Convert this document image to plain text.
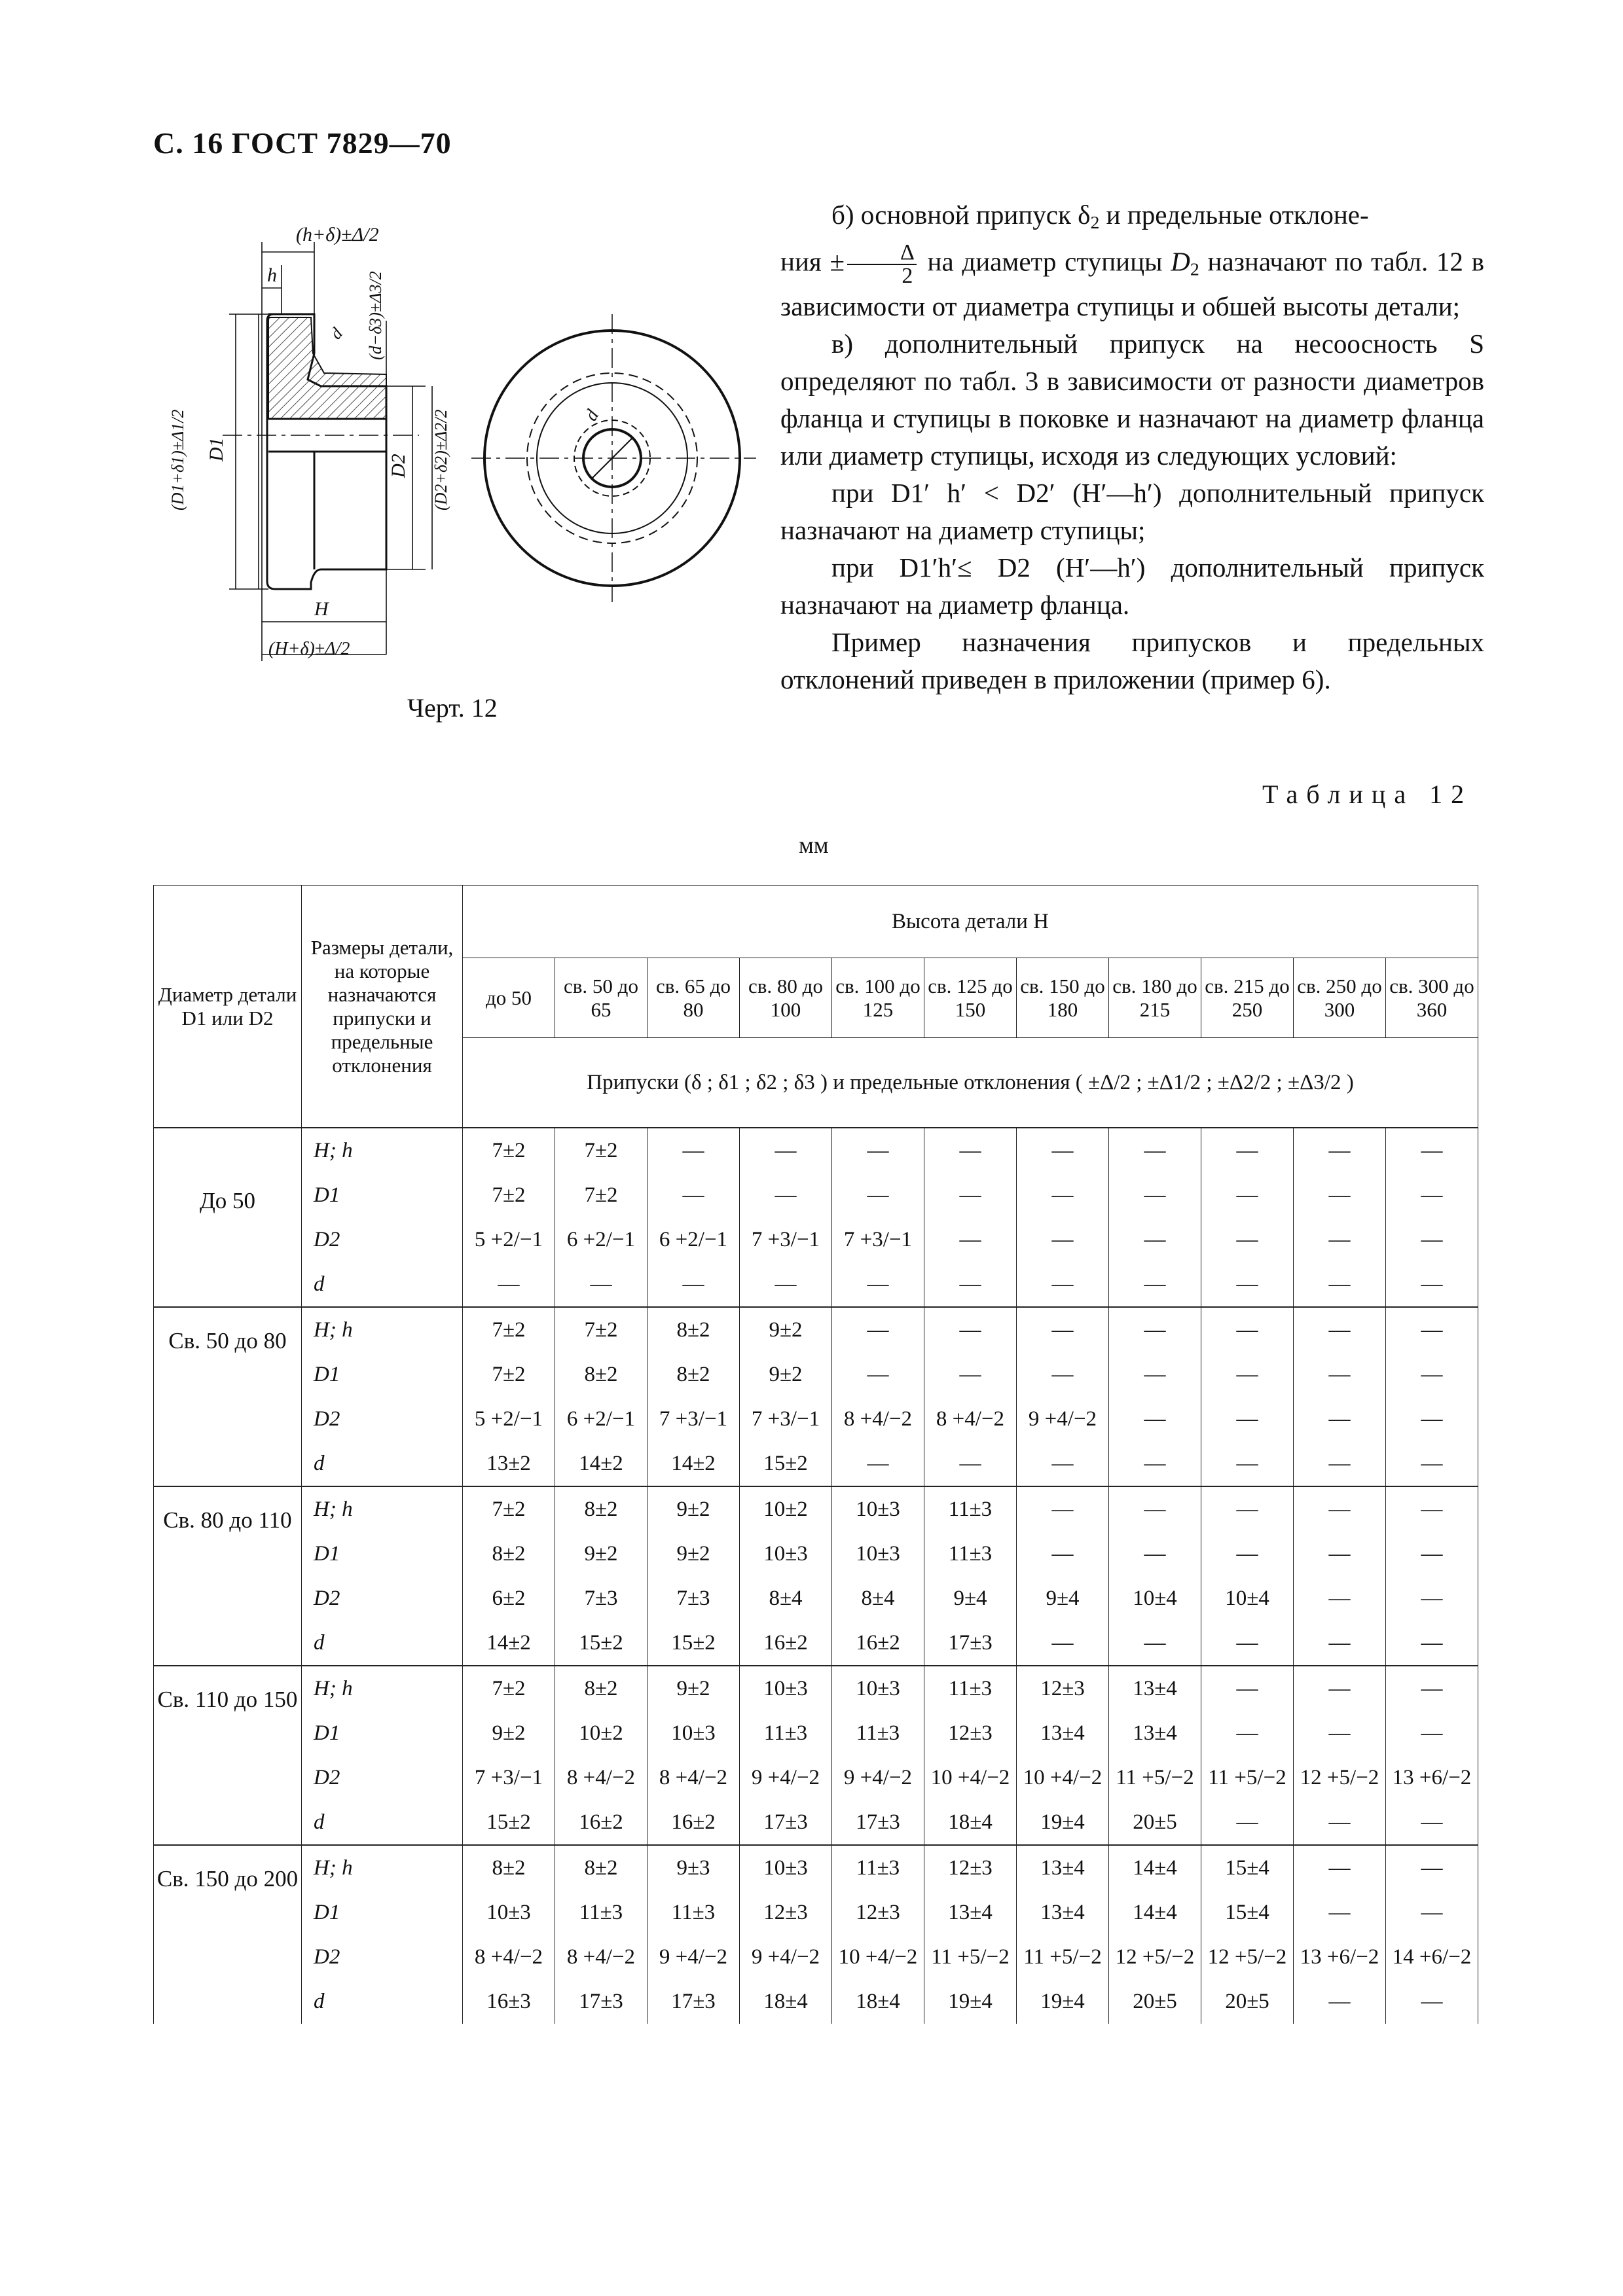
С. 16 ГОСТ 7829—70
(h+δ)±Δ/2
h	(d−δ3)±Δ3/2
d
(D1+δ1)±Δ1/2 D1
D2 (D2+δ2)±Δ2/2
H
(H+δ)±Δ/2
d
Черт. 12

б) основной припуск $\delta_2$ и предельные отклоне-
ния ± $\frac{\Delta}{2}$ на диаметр ступицы $D_2$ назначают по табл. 12 в зависимости от диаметра ступицы и обшей высоты детали;

в) дополнительный припуск на несоосность S определяют по табл. 3 в зависимости от разности диаметров фланца и ступицы в поковке и назначают на диаметр фланца или диаметр ступицы, исходя из следующих условий:

при D1′ h′ < D2′ (H′—h′) дополнительный припуск назначают на диаметр ступицы;

при D1′h′≤ D2 (H′—h′) дополнительный припуск назначают на диаметр фланца.

Пример назначения припусков и предельных отклонений приведен в приложении (пример 6).

Таблица 12
мм
Диаметр детали D1 или D2	Размеры детали, на которые назначаются припуски и предельные отклонения	Высота детали H										
		до 50	св. 50 до 65	св. 65 до 80	св. 80 до 100	св. 100 до 125	св. 125 до 150	св. 150 до 180	св. 180 до 215	св. 215 до 250	св. 250 до 300	св. 300 до 360
		Припуски (δ ; δ1 ; δ2 ; δ3 ) и предельные отклонения ( ±Δ/2 ; ±Δ1/2 ; ±Δ2/2 ; ±Δ3/2 )										
До 50	H; h	7±2	7±2	—	—	—	—	—	—	—	—	—
	D1	7±2	7±2	—	—	—	—	—	—	—	—	—
	D2	5 +2/−1	6 +2/−1	6 +2/−1	7 +3/−1	7 +3/−1	—	—	—	—	—	—
	d	—	—	—	—	—	—	—	—	—	—	—
Св. 50 до 80	H; h	7±2	7±2	8±2	9±2	—	—	—	—	—	—	—
	D1	7±2	8±2	8±2	9±2	—	—	—	—	—	—	—
	D2	5 +2/−1	6 +2/−1	7 +3/−1	7 +3/−1	8 +4/−2	8 +4/−2	9 +4/−2	—	—	—	—
	d	13±2	14±2	14±2	15±2	—	—	—	—	—	—	—
Св. 80 до 110	H; h	7±2	8±2	9±2	10±2	10±3	11±3	—	—	—	—	—
	D1	8±2	9±2	9±2	10±3	10±3	11±3	—	—	—	—	—
	D2	6±2	7±3	7±3	8±4	8±4	9±4	9±4	10±4	10±4	—	—
	d	14±2	15±2	15±2	16±2	16±2	17±3	—	—	—	—	—
Св. 110 до 150	H; h	7±2	8±2	9±2	10±3	10±3	11±3	12±3	13±4	—	—	—
	D1	9±2	10±2	10±3	11±3	11±3	12±3	13±4	13±4	—	—	—
	D2	7 +3/−1	8 +4/−2	8 +4/−2	9 +4/−2	9 +4/−2	10 +4/−2	10 +4/−2	11 +5/−2	11 +5/−2	12 +5/−2	13 +6/−2
	d	15±2	16±2	16±2	17±3	17±3	18±4	19±4	20±5	—	—	—
Св. 150 до 200	H; h	8±2	8±2	9±3	10±3	11±3	12±3	13±4	14±4	15±4	—	—
	D1	10±3	11±3	11±3	12±3	12±3	13±4	13±4	14±4	15±4	—	—
	D2	8 +4/−2	8 +4/−2	9 +4/−2	9 +4/−2	10 +4/−2	11 +5/−2	11 +5/−2	12 +5/−2	12 +5/−2	13 +6/−2	14 +6/−2
	d	16±3	17±3	17±3	18±4	18±4	19±4	19±4	20±5	20±5	—	—
